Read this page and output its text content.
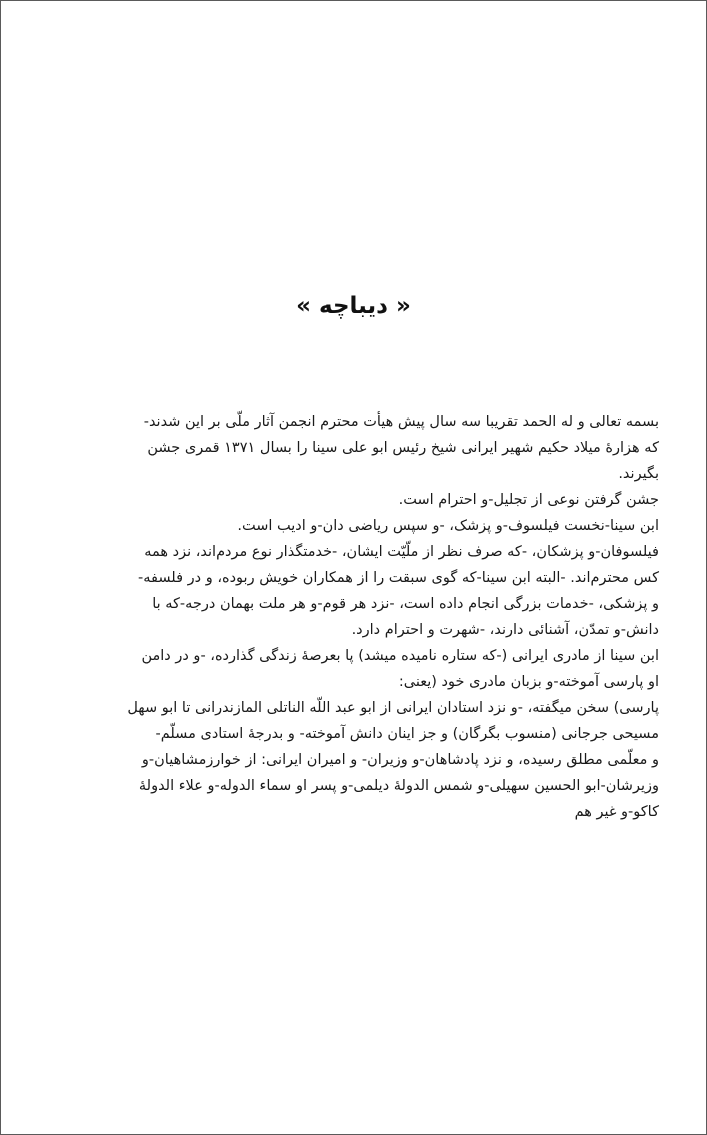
« دیباچه »
بسمه تعالی و له الحمد تقریبا سه سال پیش هیأت محترم انجمن آثار ملّی بر این شدند-
که هزارۀ میلاد حکیم شهیر ایرانی شیخ رئیس ابو علی سینا را بسال ۱۳۷۱ قمری جشن
بگیرند.
جشن گرفتن نوعی از تجلیل-و احترام است.
ابن سینا-نخست فیلسوف-و پزشک، -و سپس ریاضی دان-و ادیب است.
فیلسوفان-و پزشکان، -که صرف نظر از ملّیّت ایشان، -خدمتگذار نوع مردم‌اند، نزد همه
کس محترم‌اند. -البته ابن سینا-که گوی سبقت را از همکاران خویش ربوده، و در فلسفه-
و پزشکی، -خدمات بزرگی انجام داده است، -نزد هر قوم-و هر ملت بهمان درجه-که با
دانش-و تمدّن، آشنائی دارند، -شهرت و احترام دارد.
ابن سینا از مادری ایرانی (-که ستاره نامیده میشد) پا بعرصۀ زندگی گذارده، -و در دامن
او پارسی آموخته-و بزبان مادری خود (یعنی:
پارسی) سخن میگفته، -و نزد استادان ایرانی از ابو عبد اللّه الناتلی المازندرانی تا ابو سهل
مسیحی جرجانی (منسوب بگرگان) و جز اینان دانش آموخته- و بدرجۀ استادی مسلّم-
و معلّمی مطلق رسیده، و نزد پادشاهان-و وزیران- و امیران ایرانی: از خوارزمشاهیان-و
وزیرشان-ابو الحسین سهیلی-و شمس الدولۀ دیلمی-و پسر او سماء الدوله-و علاء الدولۀ
کاکو-و غیر هم
